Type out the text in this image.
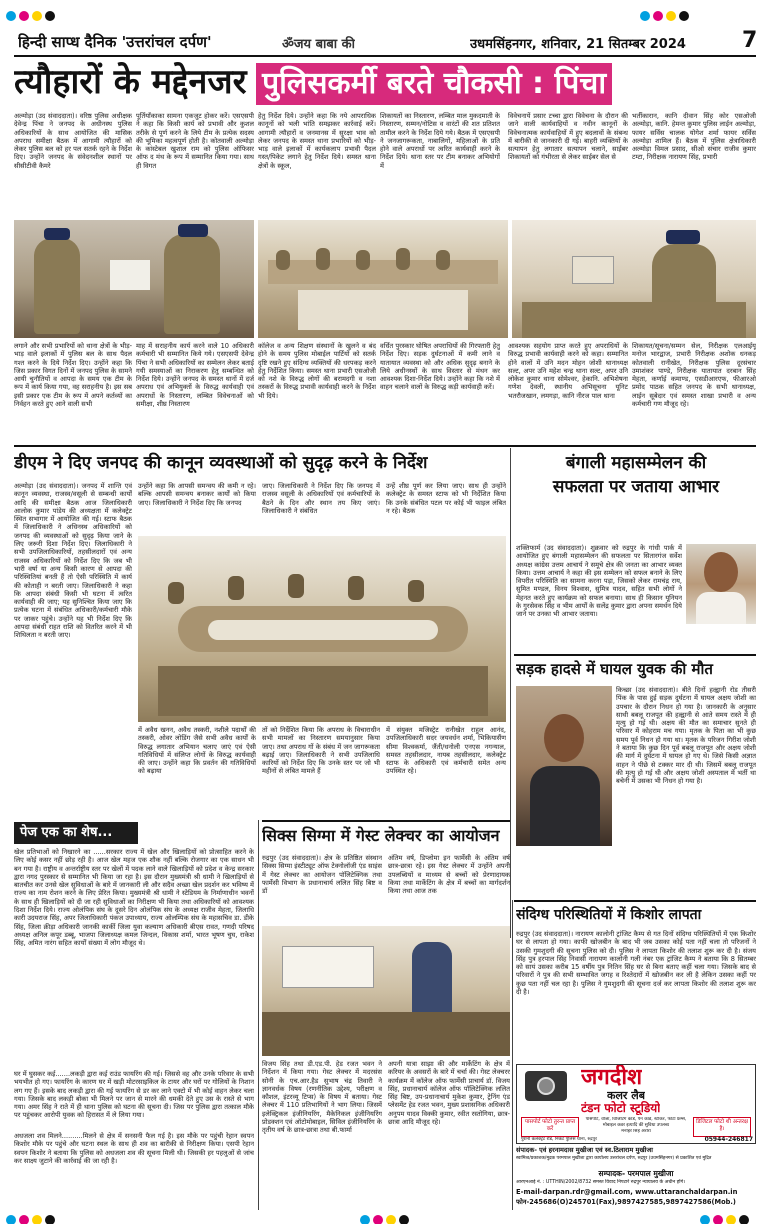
हिन्दी साप्ध दैनिक 'उत्तरांचल दर्पण'	ॐजय बाबा की	उधमसिंहनगर, शनिवार, 21 सितम्बर 2024	7
त्यौहारों के मद्देनजर पुलिसकर्मी बरते चौकसी : पिंचा
अल्मोड़ा (उद संवाददाता)। वरिष्ठ पुलिस अधीक्षक देवेन्द्र पिंचा ने जनपद के अधीनस्थ पुलिस अधिकारियों के साथ आयोजित की मासिक अपराध समीक्षा बैठक में आगामी त्यौहारों को लेकर पुलिस बल को हर पल सतर्क रहने के निर्देश दिए। उन्होंने जनपद के संवेदनशील स्थानों पर सीसीटीवी कैमरे
पूर्तियाँकाका सामना एकजुट होकर करें। एसएसपी ने कहा कि किसी कार्य को प्रभावी और कुशल तरीके से पूर्ण करने के लिये टीम के प्रत्येक सदस्य की भूमिका महत्वपूर्ण होती है। कोतवाली अल्मोड़ा के कांस्टेबल खुशाल राम को पुलिस ऑफिसर ऑफ द मंथ के रूप में सम्मानित किया गया। साथ ही विगत
हेतु निर्देश दिये। उन्होंने कहा कि नये आपराधिक कानूनों को भली भांति समझकर कार्रवाई करें। आगामी त्यौहारों व जनमानस में सुरक्षा भाव को लेकर जनपद के समस्त थाना प्रभारियों को भीड़-भाड़ वाले इलाकों में कार्यकलाप प्रभावी पैदल गस्त/पिकेट लगाने हेतु निर्देश दिये। समस्त थाना क्षेत्रों के स्कूल,
शिकायतों का निस्तारण, लम्बित माल मुकदमाती के निस्तारण, सम्मन/नोटिस व वारंटों की शत प्रतिशत तामील करने के निर्देश दिये गये। बैठक में एसएसपी ने जनजागरूकता, नाबालिगों, महिलाओं के प्रति होने वाले अपराधों पर त्वरित कार्यवाही करने के निर्देश दिये। थाना स्तर पर टीम बनाकर अभियोगों में
विवेचनायें प्रसार टच्चा द्वारा विवेचना के दौरान की जाने वाली कार्यवाहियों व नवीन कानूनों के विवेचनात्मक कार्यवाहियों में हुए बदलावों के संबन्ध में बारीकी से जानकारी दी गई। बाहरी व्यक्तियों के सत्यापन हेतु लगातार सत्यापन चलाने, साईबर शिकायतों को गंभीरता से लेकर साईबर सेल से
भर्तीकारान, कानि दीवान सिंह कोर एसओजी अल्मोड़ा, कानि. हेमन्त कुमार पुलिस लाईन अल्मोड़ा, फायर सर्विस चालक योगेश शर्मा फायर सर्विस अल्मोड़ा शामिल हैं। बैठक में पुलिस क्षेत्राधिकारी अल्मोड़ा विमल प्रसाद, सीओ संचार राजीव कुमार टम्टा, निरीक्षक नारायण सिंह, प्रभारी
लगाने और सभी प्रभारियों को थाना क्षेत्रों के भीड़-भाड़ वाले इलाकों में पुलिस बल के साथ पैदल गश्त करने के दिये निर्देश दिए। उन्होंने कहा कि जिस प्रकार विगत दिनों में जनपद पुलिस के सामने आयी चुनौतियों व आपदा के समय एक टीम के रूप में कार्य किया गया, वह सराहनीय है। इस सब इसी प्रकार एक टीम के रूप में अपने कर्तव्यों का निर्वहन करते हुए आने वाली सभी
माह में सराहनीय कार्य करने वाले 10 अधिकारी कर्मचारी भी सम्मानित किये गये। एसएसपी देवेन्द्र पिंचा ने सभी अधिकारियों का सम्मेलन लेकर बताई गयी समस्याओं का निराकरण हेतु सम्बन्धित को निर्देश दिये। उन्होंने जनपद के समस्त थानों में दर्ज अपराध एवं अभियुक्तों के विरुद्ध कार्यवाही एवं अपराधों के निस्तारण, लम्बित विवेचनाओं को समीक्षा, शीघ्र निस्तारण
कॉलेज व अन्य शिक्षण संस्थानों के खुलने व बंद होने के समय पुलिस मोबाईल पार्टियों को सतर्क दृष्टि रखने हुए संदिग्ध व्यक्तियों की धरपकड़ करने हेतु निर्देशित किया। समस्त थाना प्रभारी एसओजी को नशे के विरुद्ध लोगों की बरामदगी व नशा तस्करों के विरुद्ध प्रभावी कार्यवाही करने के निर्देश भी दिये।
वर्धित पुरस्कार घोषित अपराधियों की गिरफ्तारी हेतु निर्देश दिए। सड़क दुर्घटनाओं में कमी लाने व यातायात व्यवस्था को और अधिक सुदृढ़ बनाने के लिये अधीनस्थों के साथ विस्तार से मंथन कर आवश्यक दिशा-निर्देश दिये। उन्होंने कहा कि नशे में वाहन चलाने वालों के विरुद्ध कड़ी कार्यवाही करें।
आवश्यक सहयोग प्राप्त करते हुए अपराधियों के विरुद्ध प्रभावी कार्यवाही करने को कहा। सम्मानित होने वालों में उनि मदन मोहन जोशी थानाध्यक्ष सल्ट, अपर उनि महेश चन्द्र थाना सल्ट, अपर उनि लोकेश कुमार थाना सोमेश्वर, हेकानि. अभिशेषना गणेश देवली, स्थानीय अभिसूचना यूनिट भतरौजखान, लमगड़ा, कानि नीरज पाल थाना
शिकायत/सूचना/सम्मन सेल, निरीक्षक एलआईयू मनोज भारद्वाज, प्रभारी निरीक्षक अशोक धनकड़ कोतवाली रानीखेत, निरीक्षक पुलिस दूरसंचार उमाशंकर पाण्डे, निरीक्षक यातायात दरबान सिंह मेहता, कर्णाई कमाण्ड, एसडीआरएफ, फीआरओ प्रमोद पाठक सहित जनपद के सभी थानाध्यक्ष, लाईन सूबेदार एवं समस्त शाखा प्रभारी व अन्य कर्मचारी गण मौजूद रहे।
डीएम ने दिए जनपद की कानून व्यवस्थाओं को सुदृढ़ करने के निर्देश
अल्मोड़ा (उद संवाददाता)। जनपद में शान्ति एवं कानून व्यवस्था, राजस्व/वसूली से सम्बन्धी कार्यों आदि की समीक्षा बैठक आज जिलाधिकारी आलोक कुमार पांडेय की अध्यक्षता में कलेक्ट्रेट स्थित सभागार में आयोजित की गई। स्टाफ बैठक में जिलाधिकारी ने अधिनस्थ अधिकारियों को जनपद की व्यवस्थाओं को सुदृढ़ किया जाने के लिए जरूरी दिशा निर्देश दिए। जिलाधिकारी ने सभी उपजिलाधिकारियों, तहसीलदारों एवं अन्य राजस्व अधिकारियों को निर्देश दिए कि जब भी भारी वर्षा या अन्य किसी कारण से आपदा की परिस्थितियां बनती हैं तो ऐसी परिस्थिति में कार्य की कोताही न बरती जाए। जिलाधिकारी ने कहा कि आपदा संबंधी किसी भी घटना में त्वरित कार्यवाही की जाए; यह सुनिश्चित किया जाए कि प्रत्येक घटना में संबंधित अधिकारी/कर्मचारी मौके पर जाकर पहुंचे। उन्होंने यह भी निर्देश दिए कि आपदा संबंधी राहत राशि को वितरित करने में भी शिथिलता न बरती जाए।
उन्होंने कहा कि आपसी समन्वय की कमी न रहे। बल्कि आपसी समन्वय बनाकर कार्यों को किया जाए। जिलाधिकारी ने निर्देश दिए कि जनपद
जाए। जिलाधिकारी ने निर्देश दिए कि जनपद में राजस्व वसूली के अधिकारियों एवं कर्मचारियों के बैठने के दिन और स्थान तय किए जाएं। जिलाधिकारी ने संबंधित
उन्हें शीघ्र पूर्ण कर लिया जाए। साथ ही उन्होंने कलेक्ट्रेट के समस्त स्टाफ को भी निर्देशित किया कि उनके संबंधित पटल पर कोई भी फाइल लंबित न रहे। बैठक
में अवैध खनन, अवैध तस्करी, नशीले पदार्थों की तस्करी, ओवर लोडिंग जैसे सभी अवैध कार्यों के विरुद्ध लगातार अभियान चलाए जाएं एवं ऐसी गतिविधियों में संलिप्त लोगों के विरुद्ध कार्यवाही की जाए। उन्होंने कहा कि प्रवर्तन की गतिविधियों को बढ़ाया
तों को निर्देशित किया कि अपराध के विचाराधीन सभी मामलों का निस्तारण समयानुसार किया जाए। तथा अपराध गों के संबंध में जन जागरूकता बढ़ाई जाए। जिलाधिकारी ने सभी उपजिलाधि कारियों को निर्देश दिए कि उनके स्तर पर जो भी महीनों से लंबित मामले हैं
में संयुक्त मजिस्ट्रेट रानीखेत राहुल आनंद, उपजिलाधिकारी सदर जयवर्धन शर्मा, भिकियासैंण सीमा विश्वकर्मा, जैंती/धनोली एनएस नगन्याल, समस्त तहसीलदार, नायब तहसीलदार, कलेक्ट्रेट स्टाफ के अधिकारी एवं कर्मचारी समेत अन्य उपस्थित रहे।
बंगाली महासम्मेलन की
सफलता पर जताया आभार
शक्तिफार्म (उद संवाददाता)। शुक्रवार को रुद्रपुर के गांधी पार्क में आयोजित हुए बंगाली महासम्मेलन की सफलता पर सितारगंज सर्वेश अध्यक्ष कांग्रेस उत्तम आचार्य ने समूचे क्षेत्र की जनता का आभार व्यक्त किया। उत्तम आचार्य ने कहा की इस सम्मेलन को सफल बनाने के लिए विपरीत परिस्थिति का सामना करना पड़ा, जिसको लेकर रामचंद्र राय, सुमित मण्डल, विनय विश्वास, सुमित्र यादव, सहित सभी लोगों ने मेहनत करते हुए कार्यक्रम को सफल बनाया। साथ ही किसान यूनियन के गुरसेवक सिंह व भीम आर्यों के सलेंद्र कुमार द्वारा अपना समर्थन दिये जाने पर उनका भी आभार जताया।
सड़क हादसे में घायल युवक की मौत
किच्छा (उद संवाददाता)। बीते दिनों हल्द्वानी रोड तीसरी पिंक के पास हुई सड़क दुर्घटना में घायल अक्षय जोशी का उपचार के दौरान निधन हो गया है। जानकारी के अनुसार साथी बबलू राजपूत की हल्द्वानी से आते समय रास्ते में ही मृत्यु हो गई थी। अक्षय की मौत का समाचार सुनते ही परिवार में कोहराम मच गया। मृतक के पिता का भी कुछ समय पूर्व निधन हो गया था। मृतक के परिजन गिरीश जोशी ने बताया कि कुछ दिन पूर्व बबलू राजपूत और अक्षय जोशी की मार्ग में दुर्घटना में घायल हो गए थे। जिसे किसी अज्ञात वाहन ने पीछे से टक्कर मार दी थी। जिसमें बबलू राजपूत की मृत्यु हो गई थी और अक्षय जोशी अस्पताल में भर्ती था बचेनी में उसका भी निधन हो गया है।
पेज एक का शेष...
खेल प्रतिभाओं को निखारने का ......सरकार राज्य में खेल और खिलाड़ियों को प्रोत्साहित करने के लिए कोई कसर नहीं छोड़ रही है। आज खेल महज एक शौक नहीं बल्कि रोजगार का एक साधन भी बन गया है। राष्ट्रीय व अन्तर्राष्ट्रीय स्तर पर खेलों में पदक लाने वाले खिलाड़ियों को प्रदेश व केन्द्र सरकार द्वारा नगद पुरस्कार से सम्मानित भी किया जा रहा है। इस दौरान मुख्यमंत्री श्री धामी ने खिलाड़ियों से बातचीत कर उनसे खेल सुविधाओं के बारे में जानकारी ली और सदैव अच्छा खेल प्रदर्शन कर भविष्य में राज्य का नाम रोशन करने के लिए प्रेरित किया। मुख्यमंत्री श्री धामी ने स्टेडियम के निर्माणाधीन भवनों के साथ ही खिलाड़ियों को दी जा रही सुविधाओं का निरीक्षण भी किया तथा अधिकारियों को आवश्यक दिशा निर्देश दिये। राज्य ओलंपिक संघ के दूसरे दिन ओलंपिक संघ के अध्यक्ष राजीव मेहता, जिलाधि कारी उदयराज सिंह, अपर जिलाधिकारी पंकज उपाध्याय, राज्य ओलम्पिक संघ के महासचिव डा. डीके सिंह, जिला क्रीड़ा अधिकारी जानकी कार्की जिला युवा कल्याण अधिकारी बीएस रावत, गणदी परिषद अध्यक्ष अनिल कपूर डब्बू, भाजपा जिलाध्यक्ष कमल जिन्दल, विकास शर्मा, भारत भूषण चुघ, राकेश सिंह, अमित नारंग सहित कार्यों संख्या में लोग मौजूद थे।
घर में घुसकर कई.......लकड़ी द्वारा कई राउंड फायरिंग की गई। जिससे वह और उनके परिवार के सभी भयभीत हो गए। फायरिंग के कारण घर में खड़ी मोटरसाइकिल के टायर और घरों पर गोलियों के निशान लग गए हैं। इसके बाद लकड़ी द्वारा की गई फायरिंग से डर कर लाने एक्टो में भी कोई वाहन लेकर चला गया। जिसके बाद लकड़ी बोका भी मिलने पर जान से मारने की धमकी देते हुए उस के रास्ते से भाग गया। अमर सिंह ने राते में ही थाना पुलिस को घटना की सूचना दी। जिस पर पुलिस द्वारा तत्काल मौके पर पहुंचकर आरोपी युवक को हिरासत में ले लिया गया।
अधजला शव मिलने..........मिलने से क्षेत्र में सनसनी फैल गई है। इस मौके पर पहुंची रेहान स्वपन किशोर मौके पर पहुंचे और घटना स्थल के साथ ही शव का बारीकी से निरीक्षण किया। एसपी रेहान स्वपन किशोर ने बताया कि पुलिस को अधजला शव की सूचना मिली थी। जिसकी हर पहलुओं से जांच कर साक्ष्य जुटाने की कार्रवाई की जा रही है।
सिक्स सिग्मा में गेस्ट लेक्चर का आयोजन
रुद्रपुर (उद संवाददाता)। क्षेत्र के प्रतिष्ठित संस्थान सिक्स सिग्मा इंस्टीट्यूट ऑफ टेक्नोलॉजी एंड साइंस में गेस्ट लेक्चर का आयोजन पॉलिटेक्निक तथा फार्मेसी विभाग के प्रधानाचार्य ललित सिंह बिष्ट व डॉ
अंतिम वर्ष, डिप्लोमा इन फार्मेसी के अंतिम वर्ष छात्र-छात्रा रहे। इस गेस्ट लेक्चर में उन्होंने अपनी उपलब्धियों व माध्यम से बच्चों को प्रेरणादायक किया तथा मार्केटिंग के क्षेत्र में बच्चों का मार्गदर्शन किया तथा आज तक
विजय सिंह तथा डी.एड.पी. हेड रजत भवन ने निर्देशन में किया गया। गेस्ट लेक्चर में मदरसंस सोनी के एच.आर.हैड सुभाष चंद्र तिवारी ने ज्ञानवर्धक विषय (रणनीतिक उद्देश्य, परीक्षण व कौशल, इंटरव्यू टिप्स) के विषय में बताया। गेस्ट लेक्चर में 110 प्रतिभागियों ने भाग लिया। जिसमें इलेक्ट्रिकल इंजीनियरिंग, मैकेनिकल इंजीनियरिंग प्रोडक्शन एवं ऑटोमोबाइल, सिविल इंजीनियरिंग के तृतीय वर्ष के छात्र-छात्रा तथा बी.फार्मा
अपनी यात्रा साझा की और मार्केटिंग के क्षेत्र में करियर के अवसरों के बारे में चर्चा की। गेस्ट लेक्चरर कार्यक्रम में कॉलेज ऑफ फार्मेसी प्राचार्य डॉ. विजय सिंह, प्रधानाचार्य कॉलेज ऑफ पॉलिटेक्निक ललित सिंह बिष्ट, उप-प्रधानाचार्य मुकेश कुमार, ट्रेनिंग एंड प्लेसमेंट हेड रजत भवन, मुख्य प्रशासनिक अधिकारी अनुपम यादव विक्की कुमार, रवीत रस्तोगिया, छात्र-छात्रा आदि मौजूद रहे।
संदिग्ध परिस्थितियों में किशोर लापता
रुद्रपुर (उद संवाददाता)। नारायण कालोनी ट्रांजिट कैम्प से गत दिनों संदिग्ध परिस्थितियों में एक किशोर घर से लापता हो गया। काफी खोजबीन के बाद भी जब उसका कोई पता नहीं चला तो परिजनों ने उसकी गुमशुदगी की सूचना पुलिस को दी। पुलिस ने लापता किशोर की तलाश शुरू कर दी है। संजय सिंह पुत्र हरपाल सिंह निवासी नारायण कालोनी गली नंबर एक ट्रांजिट कैम्प ने बताया कि 8 सितम्बर को सायं उसका करीब 15 वर्षीय पुत्र नितिन सिंह घर से बिना बताए कहीं चला गया। जिसके बाद से परिवारों ने पुत्र की सभी सम्भावित जगह व रिश्तेदारों में खोजबीन कर ली है लेकिन उसका कहीं पर कुछ पता नहीं चल रहा है। पुलिस ने गुमशुदगी की सूचना दर्ज कर लापता किशोर की तलाश शुरू कर दी है।
जगदीश
कलर लैब
टंडन फोटो स्टूडियो
पासपोर्ट फोटो तुरन्त प्राप्त करें
डिजिटल फोटो शी अन्तरक्ष है।
पासपोर्ट, वीजा, विजिटिंग कार्ड, पैन कार्ड, स्टीकर, फोटो फ्रेम्स, मोबाइल कवर इत्यादि की सुविधा उपलब्ध
मनोहर सिंह अरोरा
पुरानी कलेक्ट्रेट रोड, निकट पुलिस थाना, रुद्रपुर	05944-246817
संपादक- एवं हरनामदास मुखीजा एवं स्व.ठिलाराम मुखीजा
स्वामित्व/प्रकाशक/मुद्रक परमपाल मुखीजा द्वारा कार्यालय उत्तरांचल दर्पण, रुद्रपुर (उधमसिंहनगर) से प्रकाशित एवं मुद्रित
सम्पादक- परमपाल मुखीजा
आरएनआई नं. : UTTHIN/2002/8732 समस्त विवाद निपटारे रुद्रपुर न्यायालय के अधीन होंगे।
E-mail-darpan.rdr@gmail.com, www.uttaranchaldarpan.in
फोन-245686(O)245701(Fax),9897427585,9897427586(Mob.)
